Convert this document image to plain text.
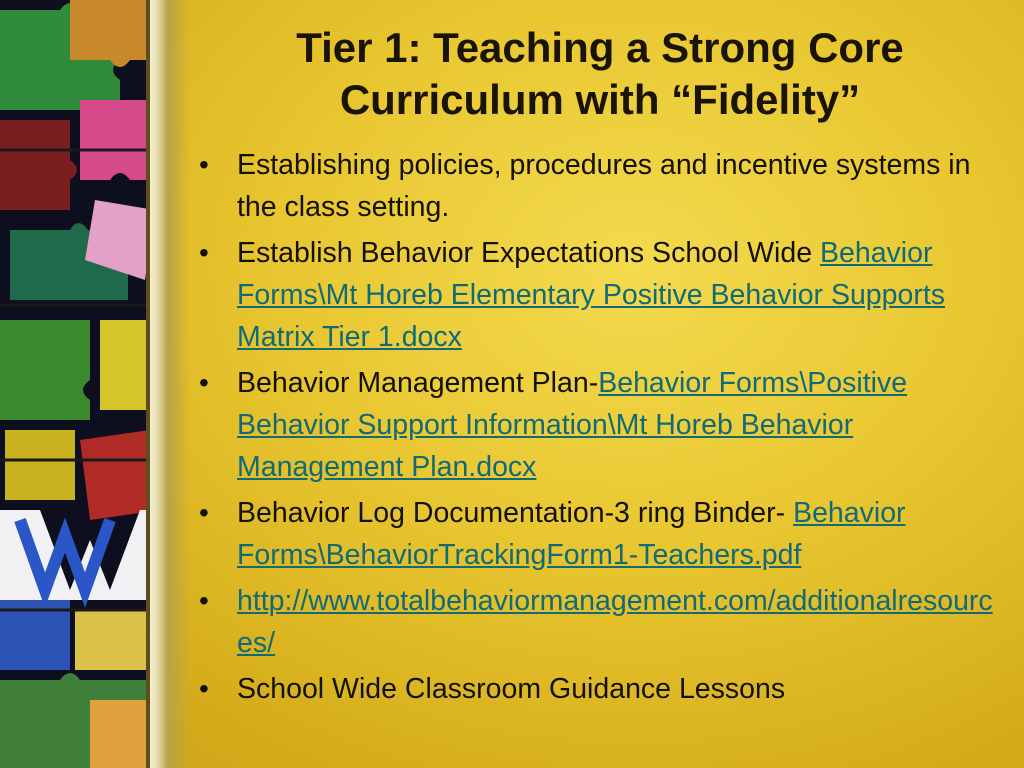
Tier 1: Teaching a Strong Core
Curriculum with “Fidelity”
• Establishing policies, procedures and incentive systems in the class setting.
• Establish Behavior Expectations School Wide Behavior Forms\Mt Horeb Elementary Positive Behavior Supports Matrix Tier 1.docx
• Behavior Management Plan-Behavior Forms\Positive Behavior Support Information\Mt Horeb Behavior Management Plan.docx
• Behavior Log Documentation-3 ring Binder- Behavior Forms\BehaviorTrackingForm1-Teachers.pdf
• http://www.totalbehaviormanagement.com/additionalresources/
• School Wide Classroom Guidance Lessons
